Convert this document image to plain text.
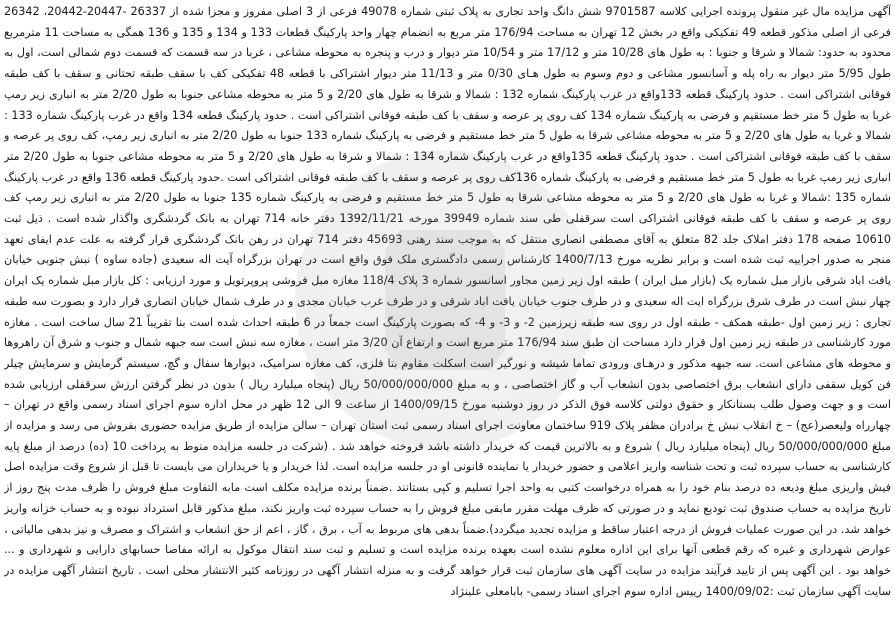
آگهی مزایده مال غیر منقول پرونده اجرایی کلاسه 9701587 شش دانگ واحد تجاری به پلاک ثبتی شماره 49078 فرعی از 3 اصلی مفروز و مجزا شده از 26337 -20447-20442، 26342 فرعی از اصلی مذکور قطعه 49 تفکیکی واقع در بخش 12 تهران به مساحت 176/94 متر مربع به انضمام چهار واحد پارکینگ قطعات 133 و 134 و 135 و 136 همگی به مساحت 11 مترمربع محدود به حدود: شمالا و شرقا و جنوبا : به طول های 10/28 متر و 17/12 متر و 10/54 متر دیوار و درب و پنجره به محوطه مشاعی ، غربا در سه قسمت که قسمت دوم شمالی است، اول به طول 5/95 متر دیوار به راه پله و آسانسور مشاعی و دوم وسوم به طول هـای 0/30 متر و 11/13 متر دیوار اشتراکی با قطعه 48 تفکیکی کف با سقف طبقه تحتانی و سقف با کف طبقه فوقانی اشتراکی است . حدود پارکینگ قطعه 133واقع در غرب پارکینگ شماره 132 : شمالا و شرقا به طول های 2/20 و 5 متر به محوطه مشاعی جنوبا به طول 2/20 متر به انباری زیر رمپ غربا به طول 5 متر خط مستقیم و فرضی به پارکینگ شماره 134 کف روی پر عرصه و سقف با کف طبقه فوقانی اشتراکی است . حدود پارکینگ قطعه 134 واقع در غرب پارکینگ شماره 133 : شمالا و غربا به طول های 2/20 و 5 متر به محوطه مشاعی شرقا به طول 5 متر خط مستقیم و فرضی به پارکینگ شماره 133 جنوبا به طول 2/20 متر به انباری زیر رمپ، کف روی پر عرصه و سقف با کف طبقه فوقانی اشتراکی است . حدود پارکینگ قطعه 135واقع در غرب پارکینگ شماره 134 : شمالا و شرقا به طول های 2/20 و 5 متر به محوطه مشاعی جنوبا به طول 2/20 متر انباری زیر رمپ غربا به طول 5 متر خط مستقیم و فرضی به پارکینگ شماره 136کف روی پر عرصه و سقف با کف طبقه فوقانی اشتراکی است .حدود پارکینگ قطعه 136 واقع در غرب پارکینگ شماره 135 :شمالا و غربا به طول های 2/20 و 5 متر به محوطه مشاعی شرقا به طول 5 متر خط مستقیم و فرضی به پارکینگ شماره 135 جنوبا به طول 2/20 متر به انباری زیر رمپ کف روی پر عرصه و سقف با کف طبقه فوقانی اشتراکی است سرقفلی طی سند شماره 39949 مورخه 1392/11/21 دفتر خانه 714 تهران به بانک گردشگری واگذار شده است . ذیل ثبت 10610 صفحه 178 دفتر املاک جلد 82 متعلق به آقای مصطفی انصاری منتقل که به موجب سند رهنی 45693 دفتر 714 تهران در رهن بانک گردشگری قرار گرفته به علت عدم ایفای تعهد منجر به صدور اجراییه ثبت شده است و برابر نظریه مورخ 1400/7/13 کارشناس رسمی دادگستری ملک فوق واقع است در تهران بزرگراه آیت اله سعیدی (جاده ساوه ) نبش جنوبی خیابان یافت اباد شرقی بازار مبل شماره یک (بازار مبل ایران ) طبقه اول زیر زمین مجاور اسانسور شماره 3 پلاک 118/4 مغازه مبل فروشی پروپرتویل و مورد ارزیابی : کل بازار مبل شماره یک ایران چهار نبش است در طرف شرق بزرگراه ایت اله سعیدی و در طرف جنوب خیابان یافت اباد شرقی و در طرف غرب خیابان مجدی و در طرف شمال خیابان انصاری قرار دارد و بصورت سه طبقه تجاری : زیر زمین اول -طبقه همکف - طبقه اول در روی سه طبقه زیرزمین 2- و 3- و 4- که بصورت پارکینگ است جمعاً در 6 طبقه احداث شده است بنا تقریباً 21 سال ساخت است . مغازه مورد کارشناسی در طبقه زیر زمین اول قرار دارد مساحت ان طبق سند 176/94 متر مربع است و ارتفاع آن 3/20 متر است ، مغازه سه نبش است سه جبهه شمال و جنوب و شرق آن راهروها و محوطه های مشاعی است. سه جبهه مذکور و درهـای ورودی تماما شیشه و نورگیر است اسکلت مقاوم بتا فلزی، کف مغازه سرامیک، دیوارها سفال و گچ، سیستم گرمایش و سرمایش چیلر فن کویل سقفی دارای انشعاب برق اختصاصی بدون انشعاب آب و گاز اختصاصی ، و به مبلغ 50/000/000/000 ریال (پنجاه میلیارد ریال ) بدون در نظر گرفتن ارزش سرقفلی ارزیابی شده است و و جهت وصول طلب بستانکار و حقوق دولتی کلاسه فوق الذکر در روز دوشنبه مورخ 1400/09/15 از ساعت 9 الی 12 ظهر در محل اداره سوم اجرای اسناد رسمی واقع در تهران – چهارراه ولیعصر(عج) – خ انقلاب نبش خ برادران مظفر پلاک 919 ساختمان معاونت اجرای اسناد رسمی ثبت استان تهران – سالن مزایده از طریق مزایده حضوری بفروش می رسد و مزایده از مبلغ 50/000/000/000 ریال (پنجاه میلیارد ریال ) شروع و به بالاترین قیمت که خریدار داشته باشد فروخته خواهد شد . (شرکت در جلسه مزایده منوط به پرداخت 10 (ده) درصد از مبلغ پایه کارشناسی به حساب سپرده ثبت و تحت شناسه واریز اعلامی و حضور خریدار یا نماینده قانونی او در جلسه مزایده است. لذا خریدار و یا خریداران می بایست تا قبل از شروع وقت مزایده اصل فیش واریزی مبلغ ودیعه ده درصد بنام خود را به همراه درخواست کتبی به واحد اجرا تسلیم و کپی بستانند .ضمناً برنده مزایده مکلف است مابه التفاوت مبلغ فروش را ظرف مدت پنج روز از تاریخ مزایده به حساب صندوق ثبت تودیع نماید و در صورتی که ظرف مهلت مقرر مابقی مبلغ فروش را به حساب سپرده ثبت واریز نکند، مبلغ مذکور قابل استرداد نبوده و به حساب خزانه واریز خواهد شد. در این صورت عملیات فروش از درجه اعتبار ساقط و مزایده تجدید میگردد).ضمناً بدهی های مربوط به آب ، برق ، گاز ، اعم از حق انشعاب و اشتراک و مصرف و نیز بدهی مالیاتی ، عوارض شهرداری و غیره که رقم قطعی آنها برای این اداره معلوم نشده است بعهده برنده مزایده است و تسلیم و ثبت سند انتقال موکول به ارائه مفاصا حسابهای دارایی و شهرداری و ... خواهد بود . این آگهی پس از تایید فرآیند مزایده در سایت آگهی های سازمان ثبت قرار خواهد گرفت و به منزله انتشار آگهی در روزنامه کثیر الانتشار محلی است . تاریخ انتشار آگهی مزایده در سایت آگهی سازمان ثبت :1400/09/02 رییس اداره سوم اجرای اسناد رسمی- بابامعلی علینژاد
